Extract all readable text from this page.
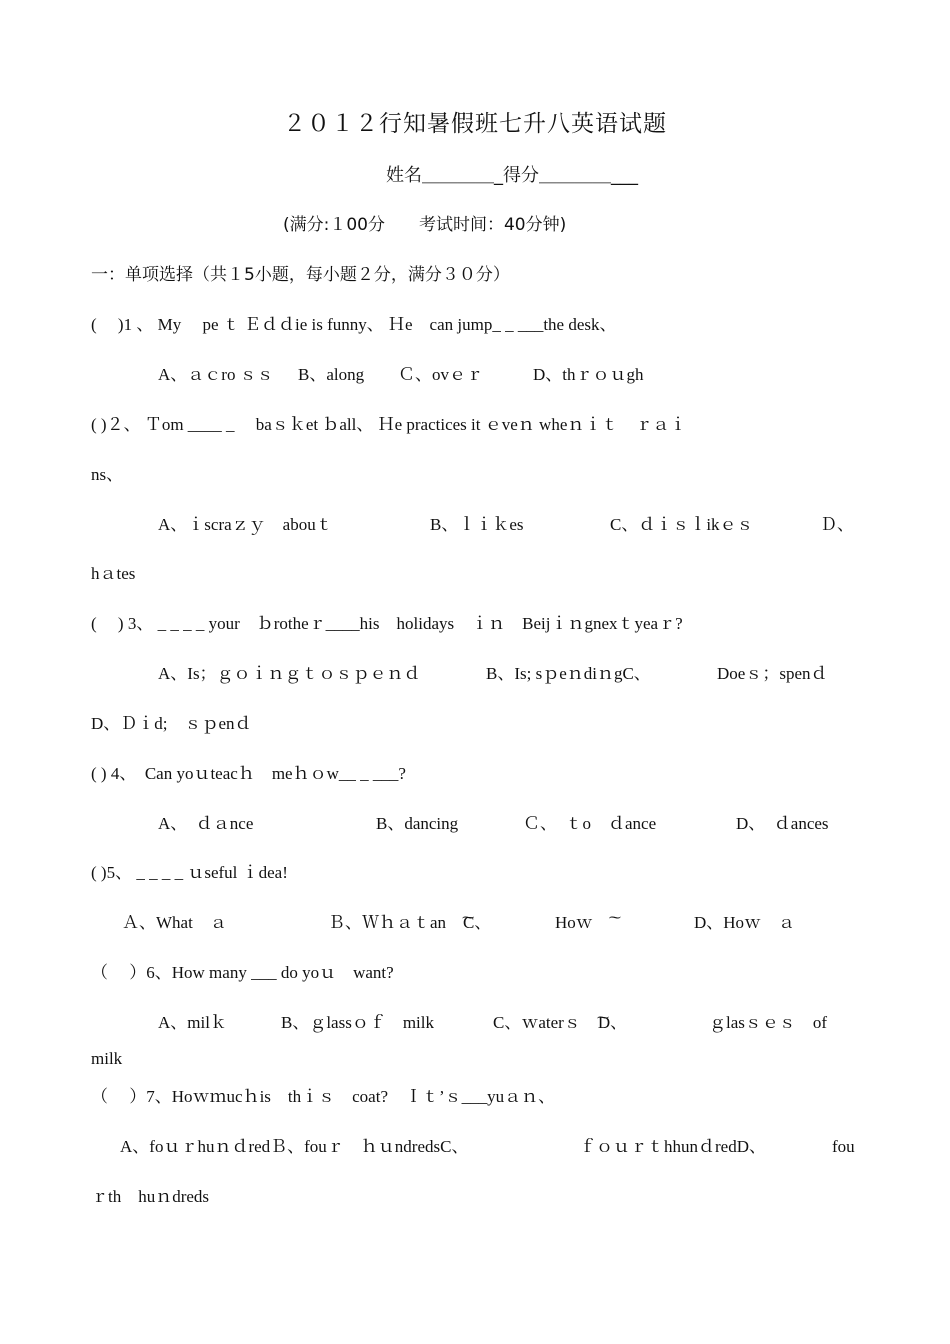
２０１２行知暑假班七升八英语试题
姓名＿＿＿＿_得分＿＿＿＿___
(满分:１00分　　考试时间：40分钟)
一：单项选择（共１5小题，每小题２分，满分３０分）
(　 )1 、 My　 pe ｔ Ｅｄｄie is funny、 Ｈe　can jump_ _ ___the desk、
A、ａｃro ｓｓ B、along Ｃ、ovｅｒ	D、thｒｏｕgh
( )２、 Ｔom ____ _　 baｓｋet ｂall、 Ｈe practices it ｅveｎ wheｎｉｔ　ｒａｉ
ns、
A、ｉscraｚｙ　abouｔ	B、ｌｉｋes	C、ｄｉｓｌikｅｓ	Ｄ、
hａtes
(　 ) 3、 _ _ _ _ your　ｂrotheｒ____his　holidays　ｉｎ　Beijｉｎgnexｔyeaｒ?
A、Is；ｇｏｉｎｇｔｏｓｐｅｎｄ	B、Is; sｐeｎdiｎgC、	Doeｓ；spenｄ
D、Ｄｉd;　ｓｐenｄ
( ) 4、　Can yoｕteacｈ　meｈｏw__ _ ___?
A、　ｄａnce	B、dancing	Ｃ、　ｔo　ｄance	D、　ｄances
( )5、 _ _ _ _ ｕseful ｉdea!
Ａ、What　ａ	Ｂ、Ｗｈａｔan　͠C、	Hoｗ　͠	D、Hoｗ　ａ
（　 ）6、How many ___ do yoｕ　want?
A、milｋ	B、ｇlassｏｆ　milk	C、ｗaterｓ　͠D、	ｇlasｓｅｓ　of
milk
（　 ）7、Hoｗｍucｈis　thｉｓ　coat?　Ｉｔ’ｓ___yuａｎ、
A、foｕｒhuｎｄredＢ、fouｒ　ｈｕndredsC、	ｆｏｕｒｔhhunｄredD、	fou
ｒth　huｎdreds
